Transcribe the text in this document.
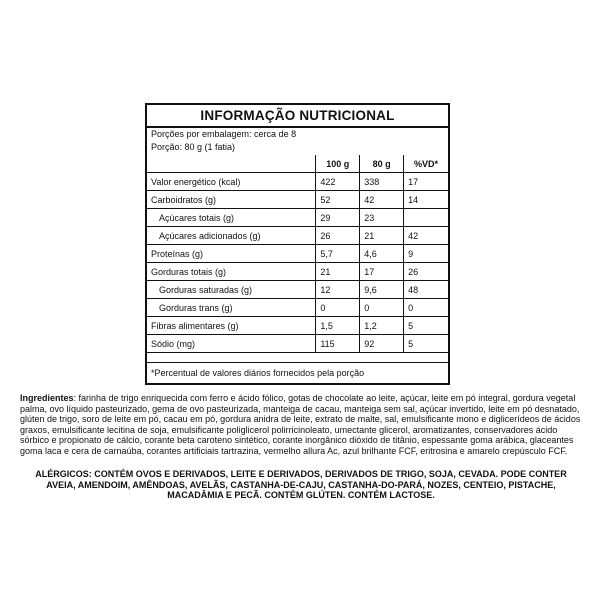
INFORMAÇÃO NUTRICIONAL
Porções por embalagem: cerca de 8
Porção: 80 g (1 fatia)
	100 g	80 g	%VD*
Valor energético (kcal)	422	338	17
Carboidratos (g)	52	42	14
Açúcares totais (g)	29	23	
Açúcares adicionados (g)	26	21	42
Proteínas (g)	5,7	4,6	9
Gorduras totais (g)	21	17	26
Gorduras saturadas (g)	12	9,6	48
Gorduras trans (g)	0	0	0
Fibras alimentares (g)	1,5	1,2	5
Sódio (mg)	115	92	5
*Percentual de valores diários fornecidos pela porção
Ingredientes: farinha de trigo enriquecida com ferro e ácido fólico, gotas de chocolate ao leite, açúcar, leite em pó integral, gordura vegetal palma, ovo líquido pasteurizado, gema de ovo pasteurizada, manteiga de cacau, manteiga sem sal, açúcar invertido, leite em pó desnatado, glúten de trigo, soro de leite em pó, cacau em pó, gordura anidra de leite, extrato de malte, sal, emulsificante mono e diglicerídeos de ácidos graxos, emulsificante lecitina de soja, emulsificante poliglicerol polirricinoleato, umectante glicerol, aromatizantes, conservadores ácido sórbico e propionato de cálcio, corante beta caroteno sintético, corante inorgânico dióxido de titânio, espessante goma arábica, glaceantes goma laca e cera de carnaúba, corantes artificiais tartrazina, vermelho allura Ac, azul brilhante FCF, eritrosina e amarelo crepúsculo FCF.
ALÉRGICOS: CONTÉM OVOS E DERIVADOS, LEITE E DERIVADOS, DERIVADOS DE TRIGO, SOJA, CEVADA. PODE CONTER AVEIA, AMENDOIM, AMÊNDOAS, AVELÃS, CASTANHA-DE-CAJU, CASTANHA-DO-PARÁ, NOZES, CENTEIO, PISTACHE, MACADÂMIA E PECÃ. CONTÉM GLÚTEN. CONTÉM LACTOSE.
